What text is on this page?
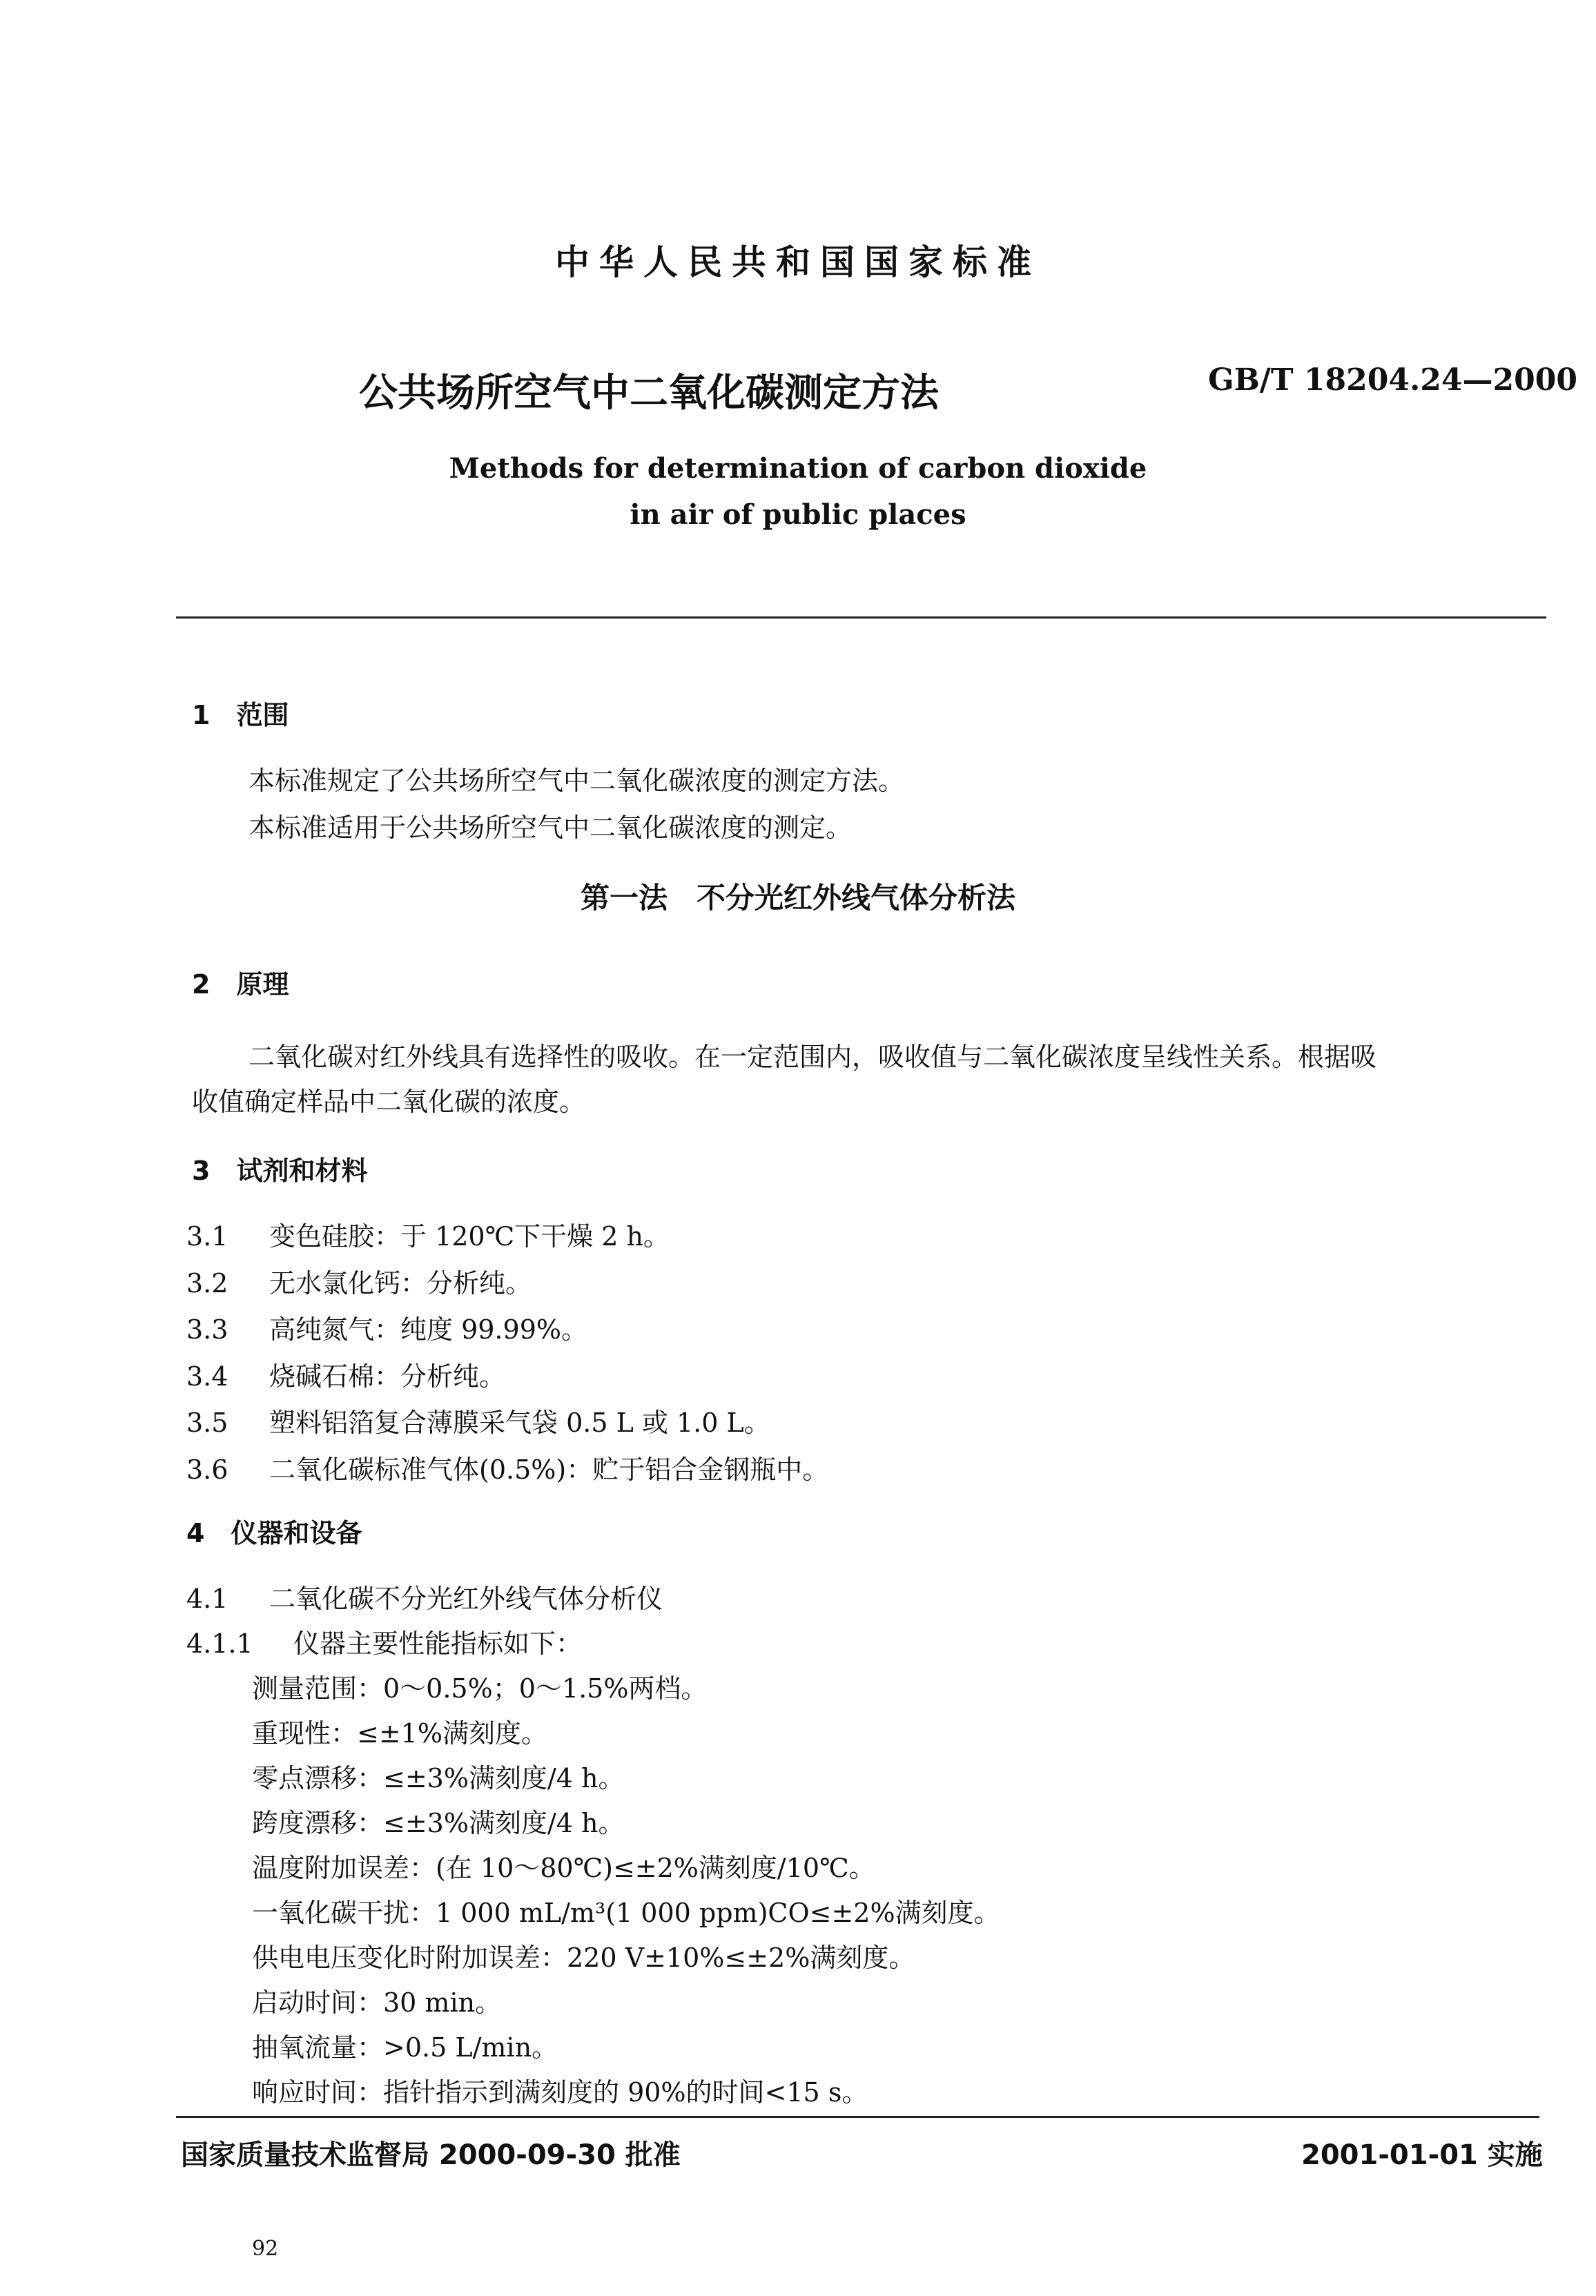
中华人民共和国国家标准
公共场所空气中二氧化碳测定方法	GB/T 18204.24—2000
Methods for determination of carbon dioxide
in air of public places
1　范围
本标准规定了公共场所空气中二氧化碳浓度的测定方法。
本标准适用于公共场所空气中二氧化碳浓度的测定。
第一法　不分光红外线气体分析法
2　原理
二氧化碳对红外线具有选择性的吸收。在一定范围内，吸收值与二氧化碳浓度呈线性关系。根据吸
收值确定样品中二氧化碳的浓度。
3　试剂和材料
3.1 变色硅胶：于 120℃下干燥 2 h。
3.2 无水氯化钙：分析纯。
3.3 高纯氮气：纯度 99.99%。
3.4 烧碱石棉：分析纯。
3.5 塑料铝箔复合薄膜采气袋 0.5 L 或 1.0 L。
3.6 二氧化碳标准气体(0.5%)：贮于铝合金钢瓶中。
4　仪器和设备
4.1 二氧化碳不分光红外线气体分析仪
4.1.1 仪器主要性能指标如下：
测量范围：0～0.5%；0～1.5%两档。
重现性：≤±1%满刻度。
零点漂移：≤±3%满刻度/4 h。
跨度漂移：≤±3%满刻度/4 h。
温度附加误差：(在 10～80℃)≤±2%满刻度/10℃。
一氧化碳干扰：1 000 mL/m³(1 000 ppm)CO≤±2%满刻度。
供电电压变化时附加误差：220 V±10%≤±2%满刻度。
启动时间：30 min。
抽氧流量：>0.5 L/min。
响应时间：指针指示到满刻度的 90%的时间<15 s。
国家质量技术监督局 2000-09-30 批准	2001-01-01 实施
92
